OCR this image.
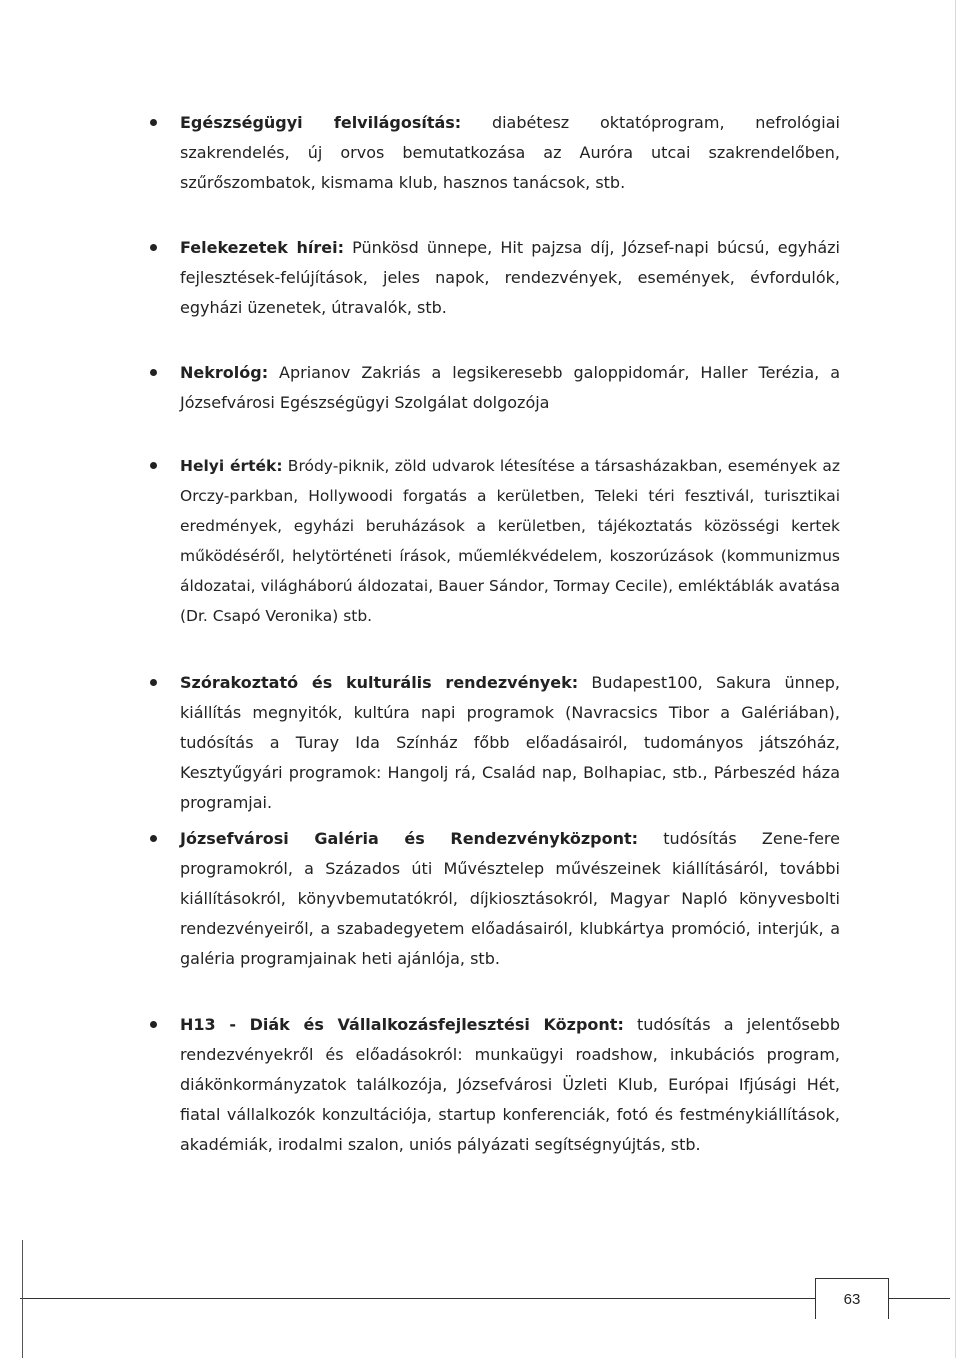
Egészségügyi felvilágosítás: diabétesz oktatóprogram, nefrológiai szakrendelés, új orvos bemutatkozása az Auróra utcai szakrendelőben, szűrőszombatok, kismama klub, hasznos tanácsok, stb.
Felekezetek hírei: Pünkösd ünnepe, Hit pajzsa díj, József-napi búcsú, egyházi fejlesztések-felújítások, jeles napok, rendezvények, események, évfordulók, egyházi üzenetek, útravalók, stb.
Nekrológ: Aprianov Zakriás a legsikeresebb galoppidomár, Haller Terézia, a Józsefvárosi Egészségügyi Szolgálat dolgozója
Helyi érték: Bródy-piknik, zöld udvarok létesítése a társasházakban, események az Orczy-parkban, Hollywoodi forgatás a kerületben, Teleki téri fesztivál, turisztikai eredmények, egyházi beruházások a kerületben, tájékoztatás közösségi kertek működéséről, helytörténeti írások, műemlékvédelem, koszorúzások (kommunizmus áldozatai, világháború áldozatai, Bauer Sándor, Tormay Cecile), emléktáblák avatása (Dr. Csapó Veronika) stb.
Szórakoztató és kulturális rendezvények: Budapest100, Sakura ünnep, kiállítás megnyitók, kultúra napi programok (Navracsics Tibor a Galériában), tudósítás a Turay Ida Színház főbb előadásairól, tudományos játszóház, Kesztyűgyári programok: Hangolj rá, Család nap, Bolhapiac, stb., Párbeszéd háza programjai.
Józsefvárosi Galéria és Rendezvényközpont: tudósítás Zene-fere programokról, a Százados úti Művésztelep művészeinek kiállításáról, további kiállításokról, könyvbemutatókról, díjkiosztásokról, Magyar Napló könyvesbolti rendezvényeiről, a szabadegyetem előadásairól, klubkártya promóció, interjúk, a galéria programjainak heti ajánlója, stb.
H13 - Diák és Vállalkozásfejlesztési Központ: tudósítás a jelentősebb rendezvényekről és előadásokról: munkaügyi roadshow, inkubációs program, diákönkormányzatok találkozója, Józsefvárosi Üzleti Klub, Európai Ifjúsági Hét, fiatal vállalkozók konzultációja, startup konferenciák, fotó és festménykiállítások, akadémiák, irodalmi szalon, uniós pályázati segítségnyújtás, stb.
63
